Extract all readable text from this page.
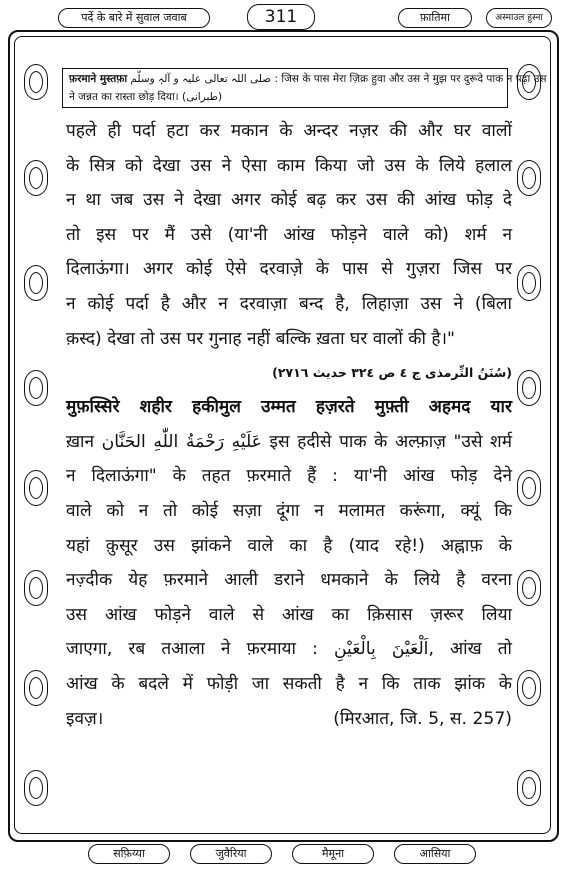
पर्दे के बारे में सुवाल जवाब	311	फ़ातिमा	अस्माउल हुस्ना
फ़रमाने मुस्तफ़ा صلی اللہ تعالی علیہ و آلہٖ وسلّم : जिस के पास मेरा ज़िक्र हुवा और उस ने मुझ पर दुरूदे पाक न पढ़ा उस
ने जन्नत का रास्ता छोड़ दिया। (طبرانی)
पहले ही पर्दा हटा कर मकान के अन्दर नज़र की और घर वालों
के सित्र को देखा उस ने ऐसा काम किया जो उस के लिये हलाल
न था जब उस ने देखा अगर कोई बढ़ कर उस की आंख फोड़ दे
तो इस पर मैं उसे (या'नी आंख फोड़ने वाले को) शर्म न
दिलाऊंगा। अगर कोई ऐसे दरवाज़े के पास से गुज़रा जिस पर
न कोई पर्दा है और न दरवाज़ा बन्द है, लिहाज़ा उस ने (बिला
क़स्द) देखा तो उस पर गुनाह नहीं बल्कि ख़ता घर वालों की है।"
(سُنَنُ التِّرمذی ج ٤ ص ٣٢٤ حدیث ٢٧١٦)
मुफ़स्सिरे शहीर हकीमुल उम्मत हज़रते मुफ़्ती अहमद यार
ख़ान عَلَيْهِ رَحْمَةُ اللّٰهِ الحَنَّان इस हदीसे पाक के अल्फ़ाज़ "उसे शर्म
न दिलाऊंगा" के तहत फ़रमाते हैं : या'नी आंख फोड़ देने
वाले को न तो कोई सज़ा दूंगा न मलामत करूंगा, क्यूं कि
यहां क़ुसूर उस झांकने वाले का है (याद रहे!) अह्नाफ़ के
नज़्दीक येह फ़रमाने आली डराने धमकाने के लिये है वरना
उस आंख फोड़ने वाले से आंख का क़िसास ज़रूर लिया
जाएगा, रब तआला ने फ़रमाया : اَلْعَيْنَ بِالْعَيْنِ, आंख तो
आंख के बदले में फोड़ी जा सकती है न कि ताक झांक के
इवज़।	(मिरआत, जि. 5, स. 257)
सफ़िय्या	जुवैरिया	मैमूना	आसिया
